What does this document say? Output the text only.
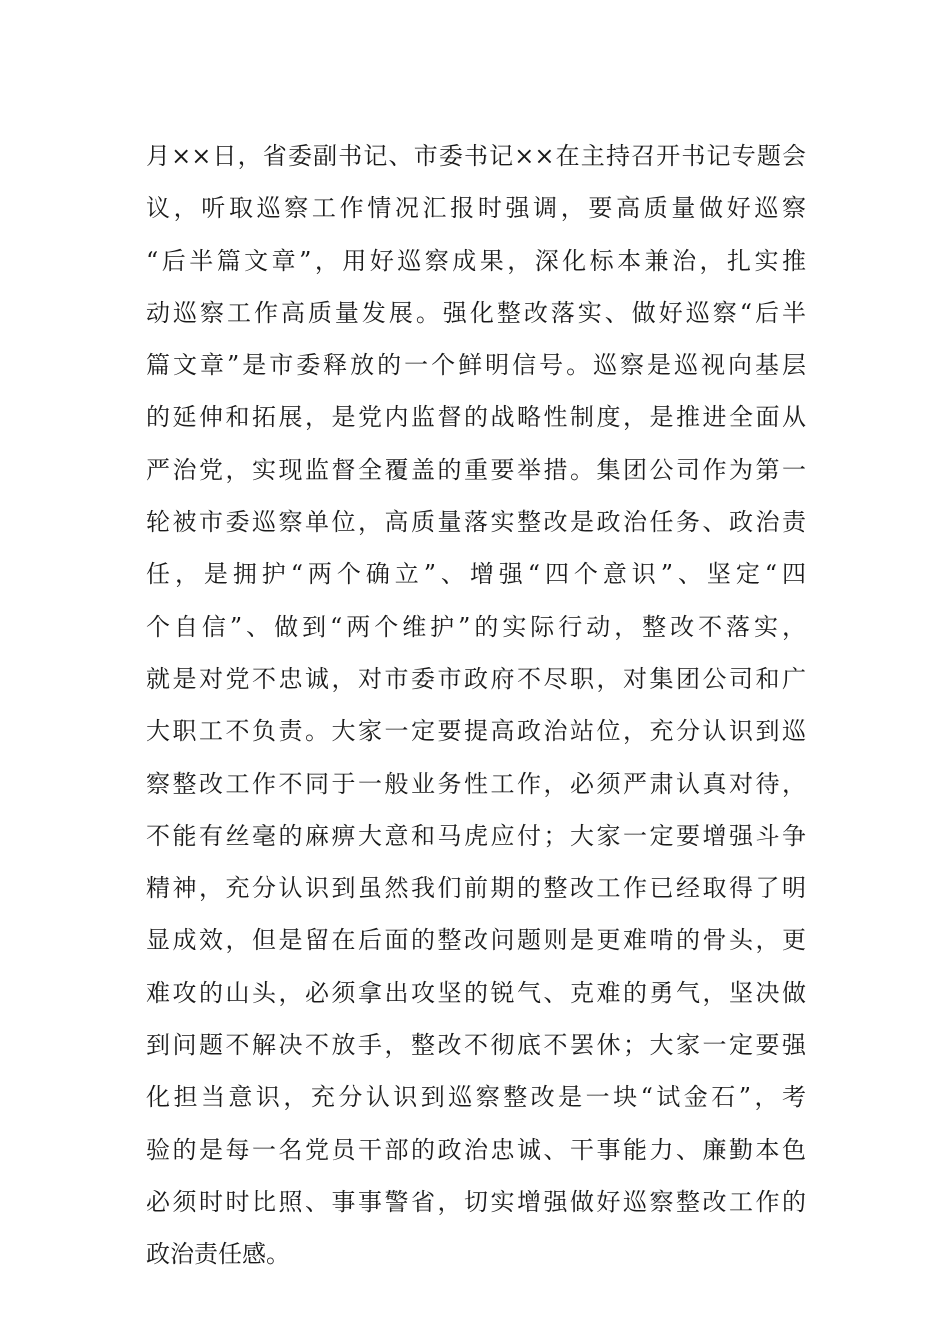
月××日，省委副书记、市委书记××在主持召开书记专题会
议，听取巡察工作情况汇报时强调，要高质量做好巡察
“后半篇文章”，用好巡察成果，深化标本兼治，扎实推
动巡察工作高质量发展。强化整改落实、做好巡察“后半
篇文章”是市委释放的一个鲜明信号。巡察是巡视向基层
的延伸和拓展，是党内监督的战略性制度，是推进全面从
严治党，实现监督全覆盖的重要举措。集团公司作为第一
轮被市委巡察单位，高质量落实整改是政治任务、政治责
任，是拥护“两个确立”、增强“四个意识”、坚定“四
个自信”、做到“两个维护”的实际行动，整改不落实，
就是对党不忠诚，对市委市政府不尽职，对集团公司和广
大职工不负责。大家一定要提高政治站位，充分认识到巡
察整改工作不同于一般业务性工作，必须严肃认真对待，
不能有丝毫的麻痹大意和马虎应付；大家一定要增强斗争
精神，充分认识到虽然我们前期的整改工作已经取得了明
显成效，但是留在后面的整改问题则是更难啃的骨头，更
难攻的山头，必须拿出攻坚的锐气、克难的勇气，坚决做
到问题不解决不放手，整改不彻底不罢休；大家一定要强
化担当意识，充分认识到巡察整改是一块“试金石”，考
验的是每一名党员干部的政治忠诚、干事能力、廉勤本色
必须时时比照、事事警省，切实增强做好巡察整改工作的
政治责任感。
